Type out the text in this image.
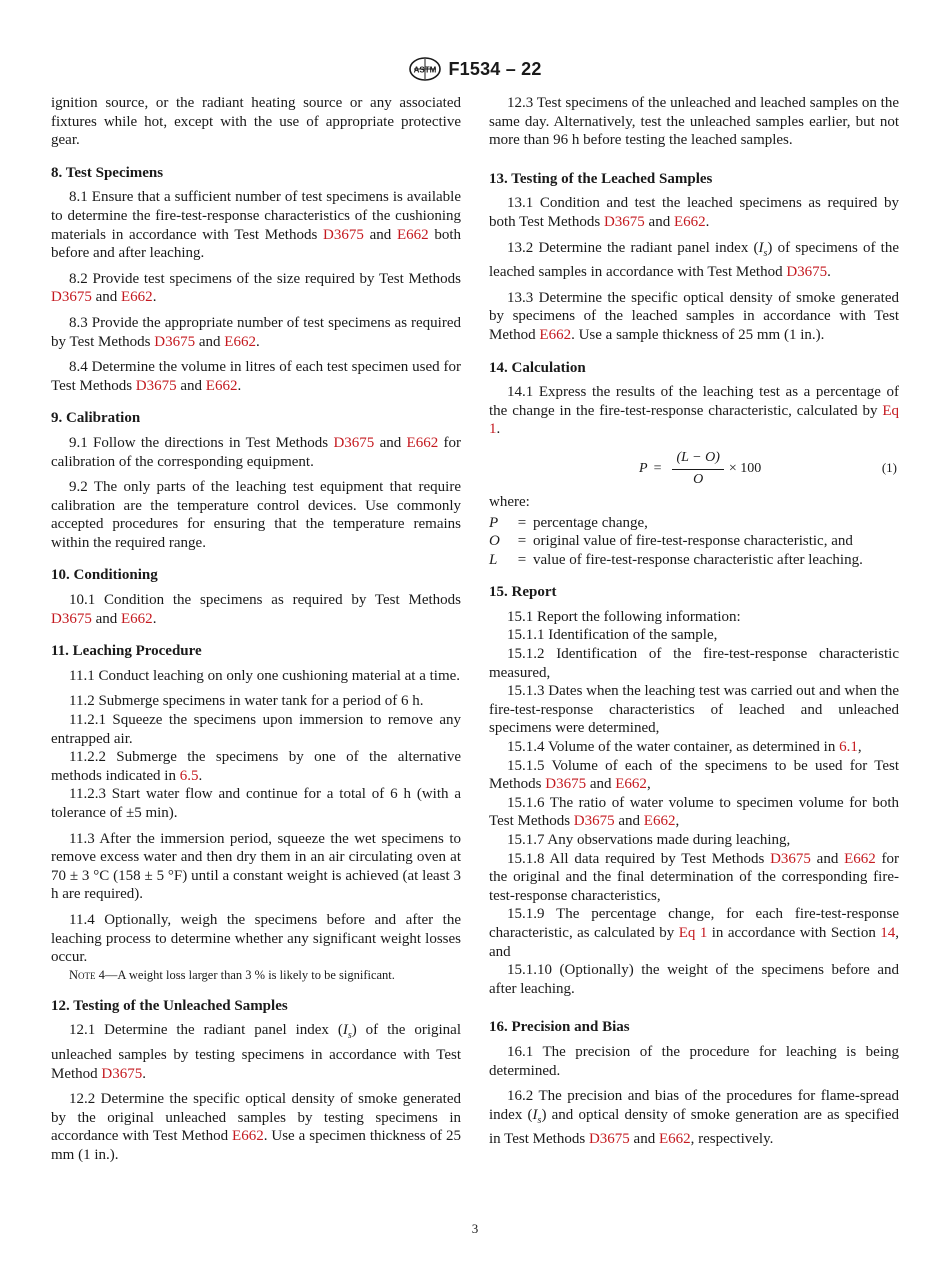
ASTM F1534 – 22

ignition source, or the radiant heating source or any associated fixtures while hot, except with the use of appropriate protective gear.

8. Test Specimens

8.1 Ensure that a sufficient number of test specimens is available to determine the fire-test-response characteristics of the cushioning materials in accordance with Test Methods D3675 and E662 both before and after leaching.

8.2 Provide test specimens of the size required by Test Methods D3675 and E662.

8.3 Provide the appropriate number of test specimens as required by Test Methods D3675 and E662.

8.4 Determine the volume in litres of each test specimen used for Test Methods D3675 and E662.

9. Calibration

9.1 Follow the directions in Test Methods D3675 and E662 for calibration of the corresponding equipment.

9.2 The only parts of the leaching test equipment that require calibration are the temperature control devices. Use commonly accepted procedures for ensuring that the temperature remains within the required range.

10. Conditioning

10.1 Condition the specimens as required by Test Methods D3675 and E662.

11. Leaching Procedure

11.1 Conduct leaching on only one cushioning material at a time.

11.2 Submerge specimens in water tank for a period of 6 h.

11.2.1 Squeeze the specimens upon immersion to remove any entrapped air.

11.2.2 Submerge the specimens by one of the alternative methods indicated in 6.5.

11.2.3 Start water flow and continue for a total of 6 h (with a tolerance of ±5 min).

11.3 After the immersion period, squeeze the wet specimens to remove excess water and then dry them in an air circulating oven at 70 ± 3 °C (158 ± 5 °F) until a constant weight is achieved (at least 3 h are required).

11.4 Optionally, weigh the specimens before and after the leaching process to determine whether any significant weight losses occur.

Note 4—A weight loss larger than 3 % is likely to be significant.

12. Testing of the Unleached Samples

12.1 Determine the radiant panel index $(I_s)$ of the original unleached samples by testing specimens in accordance with Test Method D3675.

12.2 Determine the specific optical density of smoke generated by the original unleached samples by testing specimens in accordance with Test Method E662. Use a specimen thickness of 25 mm (1 in.).

12.3 Test specimens of the unleached and leached samples on the same day. Alternatively, test the unleached samples earlier, but not more than 96 h before testing the leached samples.

13. Testing of the Leached Samples

13.1 Condition and test the leached specimens as required by both Test Methods D3675 and E662.

13.2 Determine the radiant panel index $(I_s)$ of specimens of the leached samples in accordance with Test Method D3675.

13.3 Determine the specific optical density of smoke generated by specimens of the leached samples in accordance with Test Method E662. Use a sample thickness of 25 mm (1 in.).

14. Calculation

14.1 Express the results of the leaching test as a percentage of the change in the fire-test-response characteristic, calculated by Eq 1.

$P = \frac{(L - O)}{O} \times 100$	(1)

where:

P	= percentage change,
O	= original value of fire-test-response characteristic, and
L	= value of fire-test-response characteristic after leaching.
15. Report

15.1 Report the following information:

15.1.1 Identification of the sample,

15.1.2 Identification of the fire-test-response characteristic measured,

15.1.3 Dates when the leaching test was carried out and when the fire-test-response characteristics of leached and unleached specimens were determined,

15.1.4 Volume of the water container, as determined in 6.1,

15.1.5 Volume of each of the specimens to be used for Test Methods D3675 and E662,

15.1.6 The ratio of water volume to specimen volume for both Test Methods D3675 and E662,

15.1.7 Any observations made during leaching,

15.1.8 All data required by Test Methods D3675 and E662 for the original and the final determination of the corresponding fire-test-response characteristics,

15.1.9 The percentage change, for each fire-test-response characteristic, as calculated by Eq 1 in accordance with Section 14, and

15.1.10 (Optionally) the weight of the specimens before and after leaching.

16. Precision and Bias

16.1 The precision of the procedure for leaching is being determined.

16.2 The precision and bias of the procedures for flame-spread index $(I_s)$ and optical density of smoke generation are as specified in Test Methods D3675 and E662, respectively.

3
